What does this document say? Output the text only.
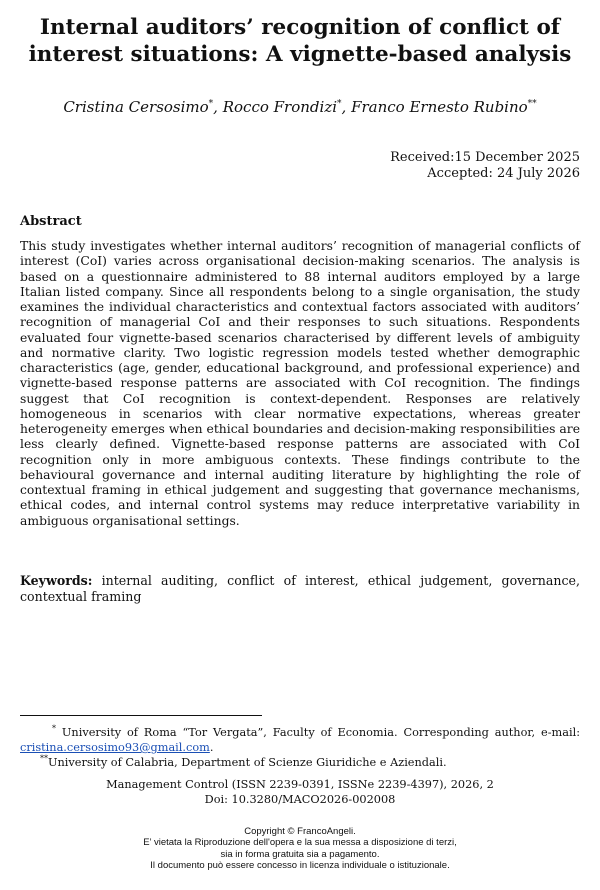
Internal auditors’ recognition of conflict of
interest situations: A vignette-based analysis
Cristina Cersosimo*, Rocco Frondizi*, Franco Ernesto Rubino**
Received:15 December 2025
Accepted: 24 July 2026
Abstract
This study investigates whether internal auditors’ recognition of managerial conflicts of interest (CoI) varies across organisational decision-making scenarios. The analysis is based on a questionnaire administered to 88 internal auditors employed by a large Italian listed company. Since all respondents belong to a single organisation, the study examines the individual characteristics and contextual factors associated with auditors’ recognition of managerial CoI and their responses to such situations. Respondents evaluated four vignette-based scenarios characterised by different levels of ambiguity and normative clarity. Two logistic regression models tested whether demographic characteristics (age, gender, educational background, and professional experience) and vignette-based response patterns are associated with CoI recognition. The findings suggest that CoI recognition is context-dependent. Responses are relatively homogeneous in scenarios with clear normative expectations, whereas greater heterogeneity emerges when ethical boundaries and decision-making responsibilities are less clearly defined. Vignette-based response patterns are associated with CoI recognition only in more ambiguous contexts. These findings contribute to the behavioural governance and internal auditing literature by highlighting the role of contextual framing in ethical judgement and suggesting that governance mechanisms, ethical codes, and internal control systems may reduce interpretative variability in ambiguous organisational settings.
Keywords: internal auditing, conflict of interest, ethical judgement, governance, contextual framing
* University of Roma “Tor Vergata”, Faculty of Economia. Corresponding author, e-mail: cristina.cersosimo93@gmail.com.
**University of Calabria, Department of Scienze Giuridiche e Aziendali.
Management Control (ISSN 2239-0391, ISSNe 2239-4397), 2026, 2
Doi: 10.3280/MACO2026-002008
Copyright © FrancoAngeli.
E’ vietata la Riproduzione dell'opera e la sua messa a disposizione di terzi,
sia in forma gratuita sia a pagamento.
Il documento può essere concesso in licenza individuale o istituzionale.
